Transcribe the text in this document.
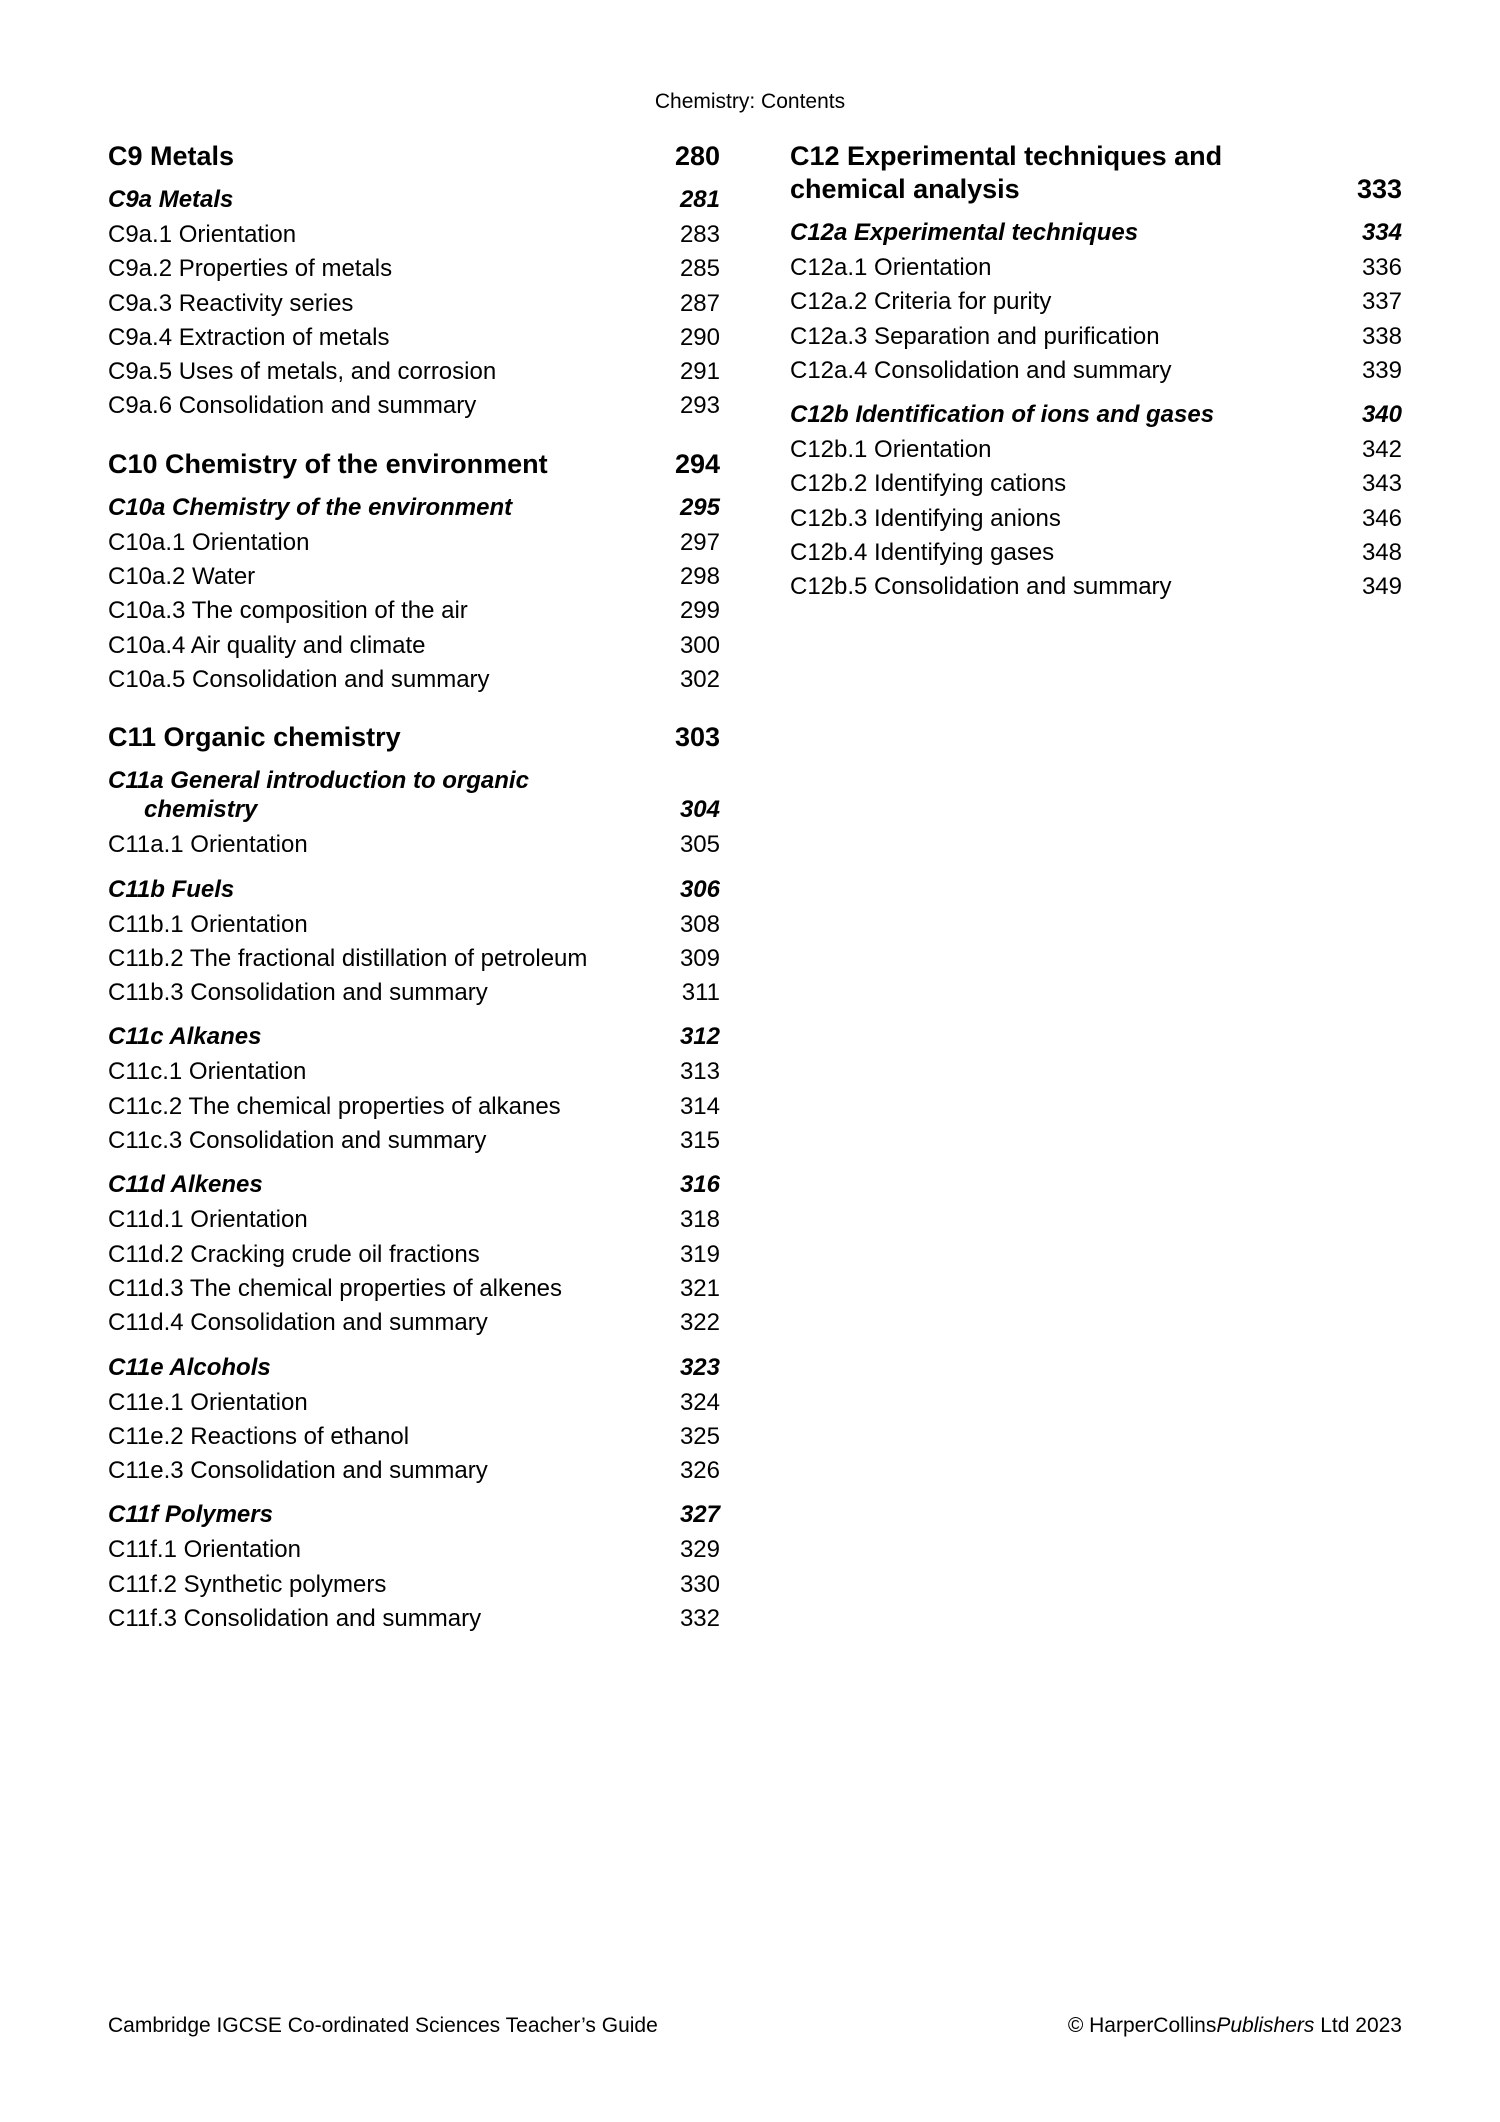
Chemistry: Contents
C9 Metals	280
C9a Metals	281
C9a.1 Orientation	283
C9a.2 Properties of metals	285
C9a.3 Reactivity series	287
C9a.4 Extraction of metals	290
C9a.5 Uses of metals, and corrosion	291
C9a.6 Consolidation and summary	293
C10 Chemistry of the environment	294
C10a Chemistry of the environment	295
C10a.1 Orientation	297
C10a.2 Water	298
C10a.3 The composition of the air	299
C10a.4 Air quality and climate	300
C10a.5 Consolidation and summary	302
C11 Organic chemistry	303
C11a General introduction to organic chemistry	304
C11a.1 Orientation	305
C11b Fuels	306
C11b.1 Orientation	308
C11b.2 The fractional distillation of petroleum	309
C11b.3 Consolidation and summary	311
C11c Alkanes	312
C11c.1 Orientation	313
C11c.2 The chemical properties of alkanes	314
C11c.3 Consolidation and summary	315
C11d Alkenes	316
C11d.1 Orientation	318
C11d.2 Cracking crude oil fractions	319
C11d.3 The chemical properties of alkenes	321
C11d.4 Consolidation and summary	322
C11e Alcohols	323
C11e.1 Orientation	324
C11e.2 Reactions of ethanol	325
C11e.3 Consolidation and summary	326
C11f Polymers	327
C11f.1 Orientation	329
C11f.2 Synthetic polymers	330
C11f.3 Consolidation and summary	332
C12 Experimental techniques and chemical analysis	333
C12a Experimental techniques	334
C12a.1 Orientation	336
C12a.2 Criteria for purity	337
C12a.3 Separation and purification	338
C12a.4 Consolidation and summary	339
C12b Identification of ions and gases	340
C12b.1 Orientation	342
C12b.2 Identifying cations	343
C12b.3 Identifying anions	346
C12b.4 Identifying gases	348
C12b.5 Consolidation and summary	349
Cambridge IGCSE Co-ordinated Sciences Teacher’s Guide	© HarperCollinsPublishers Ltd 2023
